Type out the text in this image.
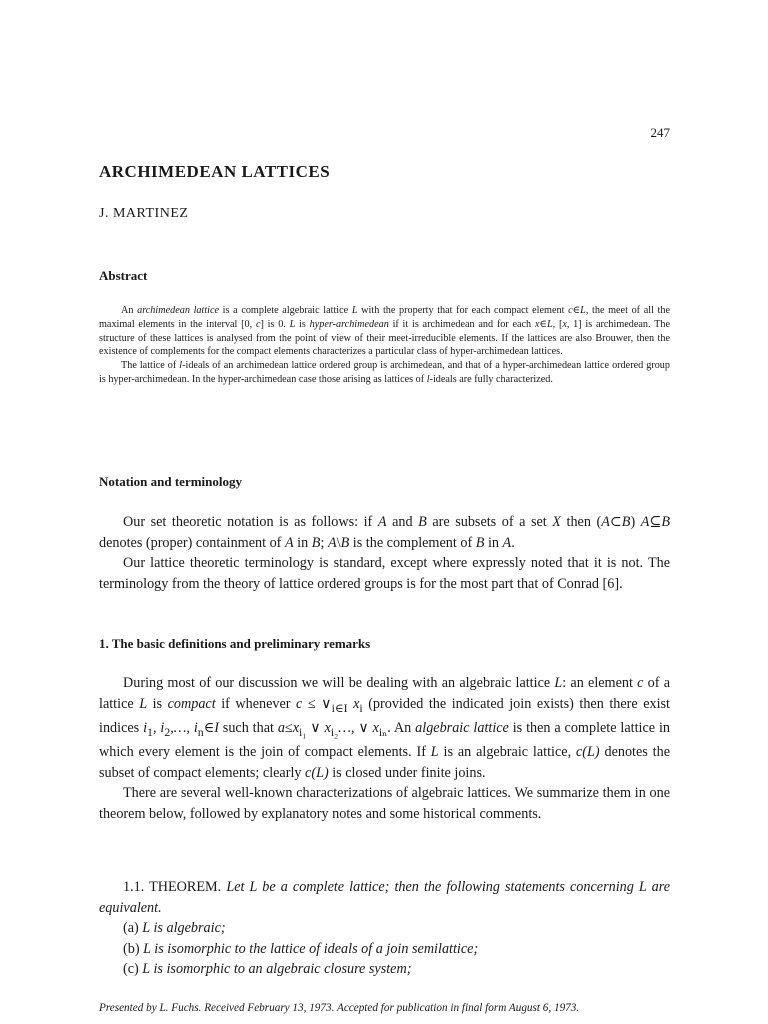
247
ARCHIMEDEAN LATTICES
J. MARTINEZ
Abstract

An archimedean lattice is a complete algebraic lattice L with the property that for each compact element c∈L, the meet of all the maximal elements in the interval [0, c] is 0. L is hyper-archimedean if it is archimedean and for each x∈L, [x, 1] is archimedean. The structure of these lattices is analysed from the point of view of their meet-irreducible elements. If the lattices are also Brouwer, then the existence of complements for the compact elements characterizes a particular class of hyper-archimedean lattices.

The lattice of l-ideals of an archimedean lattice ordered group is archimedean, and that of a hyper-archimedean lattice ordered group is hyper-archimedean. In the hyper-archimedean case those arising as lattices of l-ideals are fully characterized.

Notation and terminology

Our set theoretic notation is as follows: if A and B are subsets of a set X then (A⊂B) A⊆B denotes (proper) containment of A in B; A\B is the complement of B in A.

Our lattice theoretic terminology is standard, except where expressly noted that it is not. The terminology from the theory of lattice ordered groups is for the most part that of Conrad [6].

1. The basic definitions and preliminary remarks

During most of our discussion we will be dealing with an algebraic lattice L: an element c of a lattice L is compact if whenever $c \le \vee_{i\in I}$ $x_i$ (provided the indicated join exists) then there exist indices $i_1$, $i_2,\dots$, $i_n\in I$ such that $a\le x_{i_1}$ ∨ $x_{i_2}\dots$, ∨ $x_{i_n}$. An algebraic lattice is then a complete lattice in which every element is the join of compact elements. If L is an algebraic lattice, c(L) denotes the subset of compact elements; clearly c(L) is closed under finite joins.

There are several well-known characterizations of algebraic lattices. We summarize them in one theorem below, followed by explanatory notes and some historical comments.

1.1. THEOREM. Let L be a complete lattice; then the following statements concerning L are equivalent.

(a) L is algebraic;

(b) L is isomorphic to the lattice of ideals of a join semilattice;

(c) L is isomorphic to an algebraic closure system;

Presented by L. Fuchs. Received February 13, 1973. Accepted for publication in final form August 6, 1973.
